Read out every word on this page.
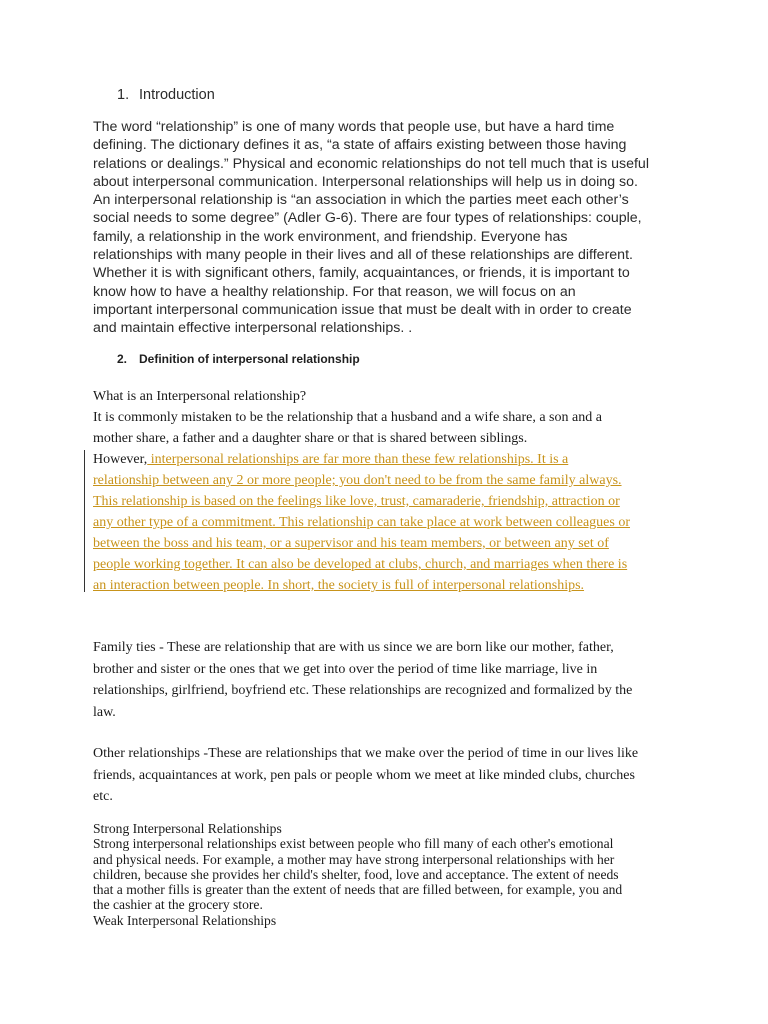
1. Introduction
The word “relationship” is one of many words that people use, but have a hard time
defining. The dictionary defines it as, “a state of affairs existing between those having
relations or dealings.” Physical and economic relationships do not tell much that is useful
about interpersonal communication. Interpersonal relationships will help us in doing so.
An interpersonal relationship is “an association in which the parties meet each other’s
social needs to some degree” (Adler G-6). There are four types of relationships: couple,
family, a relationship in the work environment, and friendship. Everyone has
relationships with many people in their lives and all of these relationships are different.
Whether it is with significant others, family, acquaintances, or friends, it is important to
know how to have a healthy relationship. For that reason, we will focus on an
important interpersonal communication issue that must be dealt with in order to create
and maintain effective interpersonal relationships. .
2. Definition of interpersonal relationship
What is an Interpersonal relationship?
It is commonly mistaken to be the relationship that a husband and a wife share, a son and a
mother share, a father and a daughter share or that is shared between siblings.
However, interpersonal relationships are far more than these few relationships. It is a
relationship between any 2 or more people; you don't need to be from the same family always.
This relationship is based on the feelings like love, trust, camaraderie, friendship, attraction or
any other type of a commitment. This relationship can take place at work between colleagues or
between the boss and his team, or a supervisor and his team members, or between any set of
people working together. It can also be developed at clubs, church, and marriages when there is
an interaction between people. In short, the society is full of interpersonal relationships.
Family ties - These are relationship that are with us since we are born like our mother, father,
brother and sister or the ones that we get into over the period of time like marriage, live in
relationships, girlfriend, boyfriend etc. These relationships are recognized and formalized by the
law.
Other relationships -These are relationships that we make over the period of time in our lives like
friends, acquaintances at work, pen pals or people whom we meet at like minded clubs, churches
etc.
Strong Interpersonal Relationships
Strong interpersonal relationships exist between people who fill many of each other's emotional
and physical needs. For example, a mother may have strong interpersonal relationships with her
children, because she provides her child's shelter, food, love and acceptance. The extent of needs
that a mother fills is greater than the extent of needs that are filled between, for example, you and
the cashier at the grocery store.
Weak Interpersonal Relationships
